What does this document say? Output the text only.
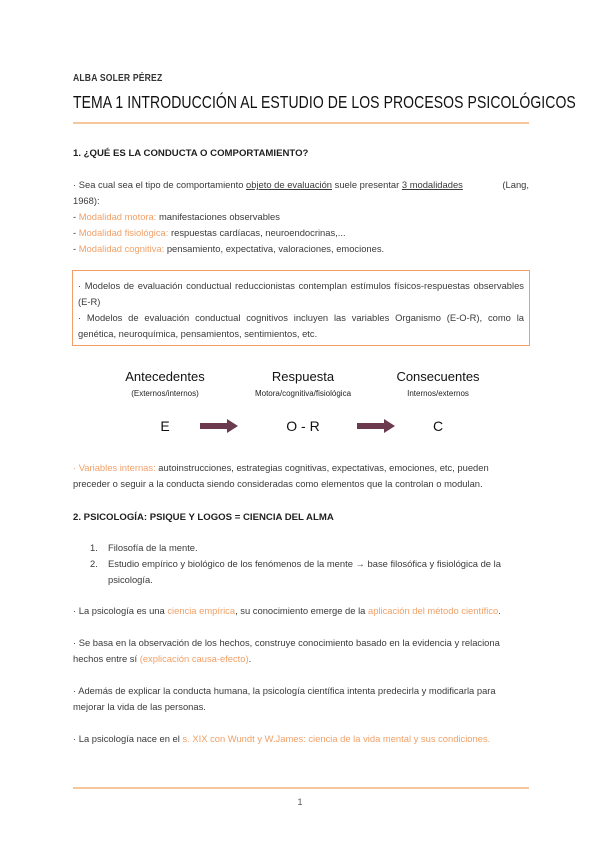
ALBA SOLER PÉREZ
TEMA 1 INTRODUCCIÓN AL ESTUDIO DE LOS PROCESOS PSICOLÓGICOS
1. ¿QUÉ ES LA CONDUCTA O COMPORTAMIENTO?
· Sea cual sea el tipo de comportamiento objeto de evaluación suele presentar 3 modalidades	(Lang,
1968):
- Modalidad motora: manifestaciones observables
- Modalidad fisiológica: respuestas cardíacas, neuroendocrinas,...
- Modalidad cognitiva: pensamiento, expectativa, valoraciones, emociones.
· Modelos de evaluación conductual reduccionistas contemplan estímulos físicos-respuestas observables (E-R)
· Modelos de evaluación conductual cognitivos incluyen las variables Organismo (E-O-R), como la genética, neuroquímica, pensamientos, sentimientos, etc.
Antecedentes
(Externos/internos)
E
Respuesta
Motora/cognitiva/fisiológica
O - R
Consecuentes
Internos/externos
C
· Variables internas: autoinstrucciones, estrategias cognitivas, expectativas, emociones, etc, pueden
preceder o seguir a la conducta siendo consideradas como elementos que la controlan o modulan.
2. PSICOLOGÍA: PSIQUE Y LOGOS = CIENCIA DEL ALMA
1. Filosofía de la mente.
2. Estudio empírico y biológico de los fenómenos de la mente → base filosófica y fisiológica de la
psicología.
· La psicología es una ciencia empírica, su conocimiento emerge de la aplicación del método científico.
· Se basa en la observación de los hechos, construye conocimiento basado en la evidencia y relaciona
hechos entre sí (explicación causa-efecto).
· Además de explicar la conducta humana, la psicología científica intenta predecirla y modificarla para
mejorar la vida de las personas.
· La psicología nace en el s. XIX con Wundt y W.James: ciencia de la vida mental y sus condiciones.
1
